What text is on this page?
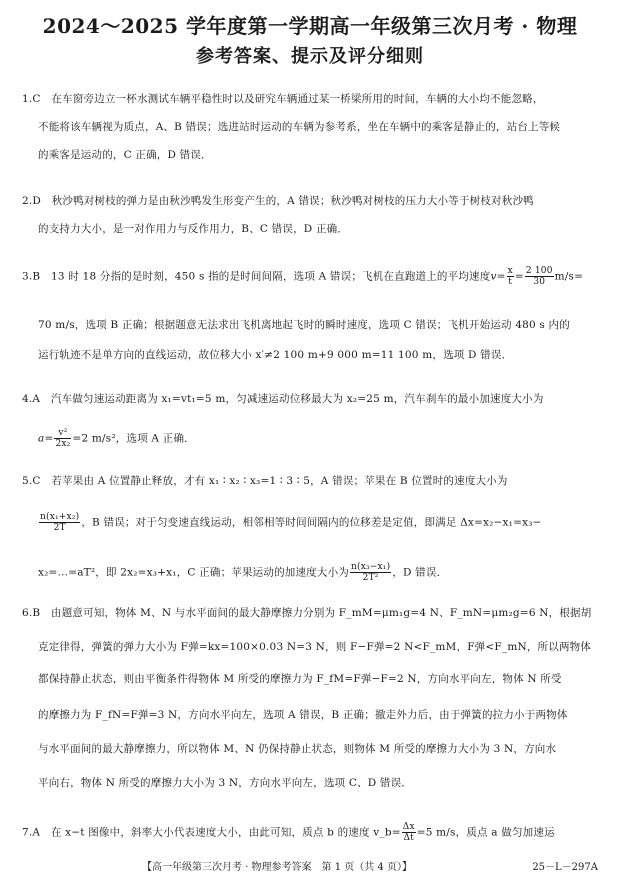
2024～2025 学年度第一学期高一年级第三次月考 · 物理
参考答案、提示及评分细则
1.C　在车窗旁边立一杯水测试车辆平稳性时以及研究车辆通过某一桥梁所用的时间，车辆的大小均不能忽略，
不能将该车辆视为质点，A、B 错误；选进站时运动的车辆为参考系，坐在车辆中的乘客是静止的，站台上等候
的乘客是运动的，C 正确，D 错误．
2.D　秋沙鸭对树枝的弹力是由秋沙鸭发生形变产生的，A 错误；秋沙鸭对树枝的压力大小等于树枝对秋沙鸭
的支持力大小，是一对作用力与反作用力，B、C 错误，D 正确．
3.B　13 时 18 分指的是时刻，450 s 指的是时间间隔，选项 A 错误；飞机在直跑道上的平均速度$v= \frac{x}{t} = \frac{2 100}{30} m/s=$
70 m/s，选项 B 正确；根据题意无法求出飞机离地起飞时的瞬时速度，选项 C 错误；飞机开始运动 480 s 内的
运行轨迹不是单方向的直线运动，故位移大小 x′≠2 100 m+9 000 m=11 100 m，选项 D 错误．
4.A　汽车做匀速运动距离为 x₁=vt₁=5 m，匀减速运动位移最大为 x₂=25 m，汽车刹车的最小加速度大小为
$a= \frac{\text{v²}}{\text{2x₂}} =2$ m/s²，选项 A 正确．
5.C　若苹果由 A 位置静止释放，才有 x₁ ∶ x₂ ∶ x₃=1 ∶ 3 ∶ 5，A 错误；苹果在 B 位置时的速度大小为
$\frac{\text{n(x₁+x₂)}}{2T}$ ，B 错误；对于匀变速直线运动，相邻相等时间间隔内的位移差是定值，即满足 Δx=x₂−x₁=x₃−
x₂=…=aT²，即 2x₂=x₃+x₁，C 正确；苹果运动的加速度大小为 $\frac{\text{n(x₃−x₁)}}{\text{2T²}}$ ，D 错误．
6.B　由题意可知，物体 M、N 与水平面间的最大静摩擦力分别为 F_mM=μm₁g=4 N、F_mN=μm₂g=6 N，根据胡
克定律得，弹簧的弹力大小为 F弹=kx=100×0.03 N=3 N，则 F−F弹=2 N<F_mM，F弹<F_mN，所以两物体
都保持静止状态，则由平衡条件得物体 M 所受的摩擦力为 F_fM=F弹−F=2 N，方向水平向左，物体 N 所受
的摩擦力为 F_fN=F弹=3 N，方向水平向左，选项 A 错误，B 正确；撤走外力后，由于弹簧的拉力小于两物体
与水平面间的最大静摩擦力，所以物体 M、N 仍保持静止状态，则物体 M 所受的摩擦力大小为 3 N，方向水
平向右，物体 N 所受的摩擦力大小为 3 N，方向水平向左，选项 C、D 错误．
7.A　在 x−t 图像中，斜率大小代表速度大小，由此可知，质点 b 的速度 v_b= $\frac{\Delta x}{\Delta t} =5$ m/s，质点 a 做匀加速运
【高一年级第三次月考 · 物理参考答案　第 1 页（共 4 页）】	25－L－297A
